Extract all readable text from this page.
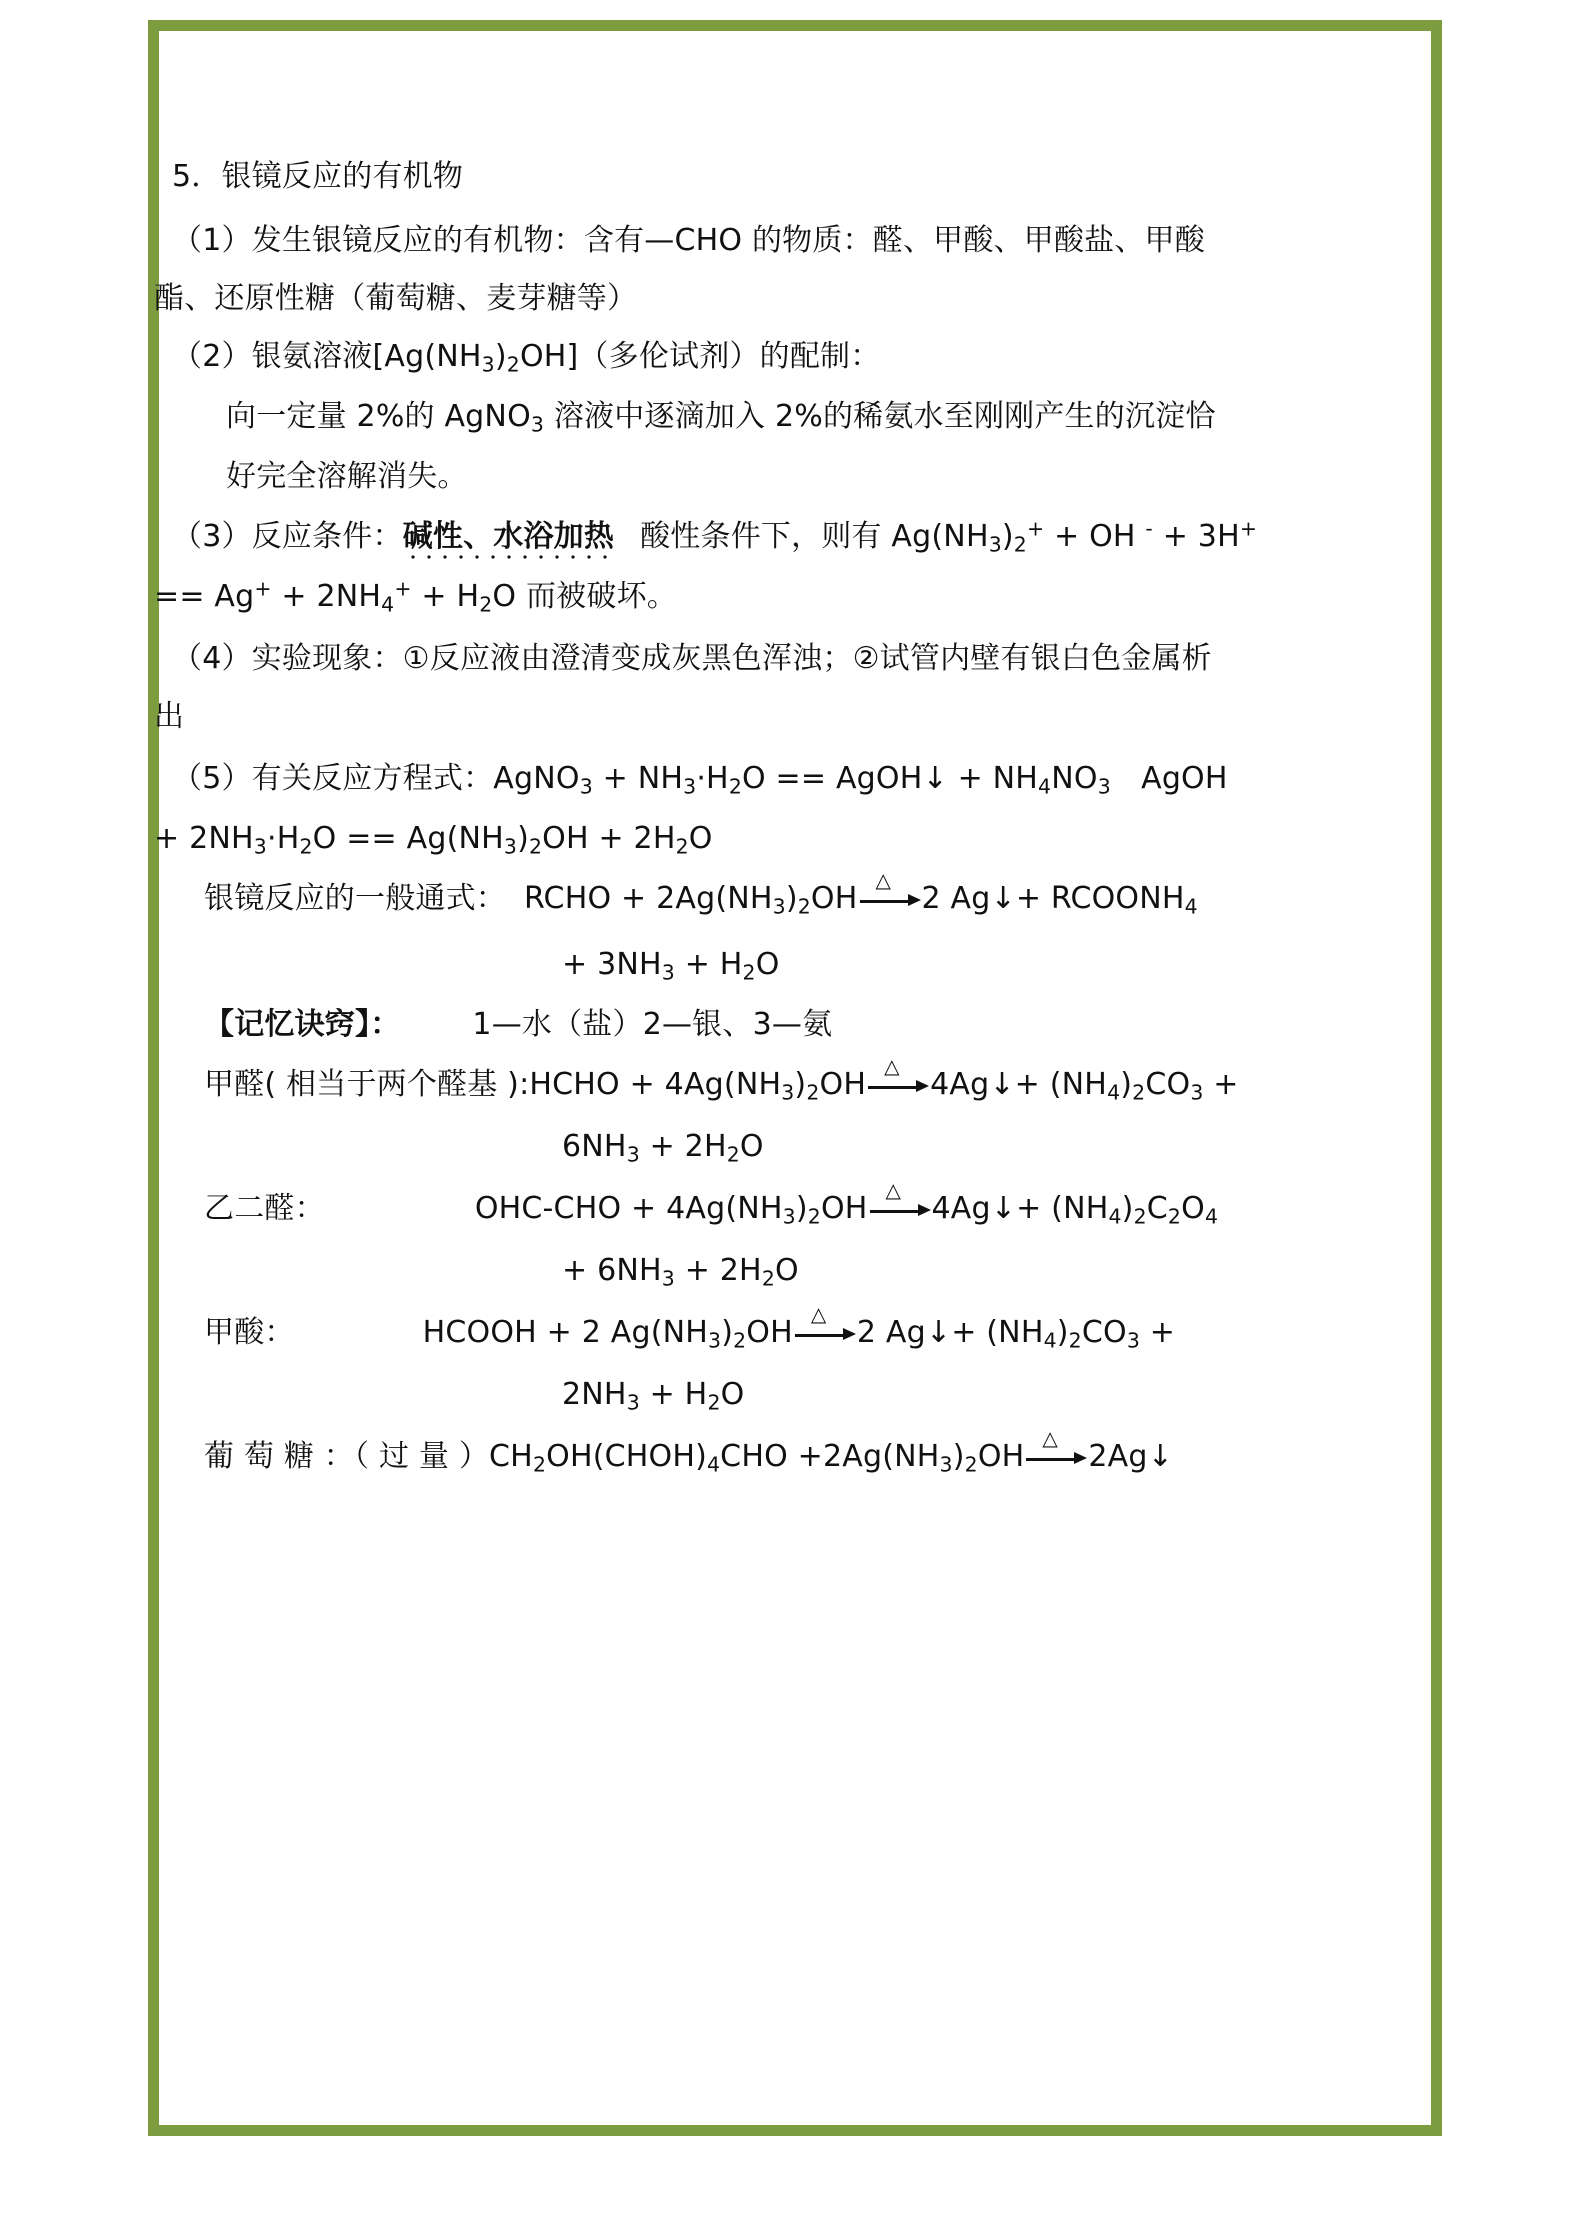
5．银镜反应的有机物
（1）发生银镜反应的有机物：含有—CHO 的物质：醛、甲酸、甲酸盐、甲酸
酯、还原性糖（葡萄糖、麦芽糖等）
（2）银氨溶液$[Ag(NH_3)_2OH]$（多伦试剂）的配制：
向一定量 2%的 AgNO$_3$ 溶液中逐滴加入 2%的稀氨水至刚刚产生的沉淀恰
好完全溶解消失。
（3）反应条件：碱性、水浴加热 酸性条件下，则有 $Ag(NH_3)_2^+$ + OH - + 3H+
== $Ag^+ + 2NH_4^+ + H_2O$ 而被破坏。
（4）实验现象：①反应液由澄清变成灰黑色浑浊；②试管内壁有银白色金属析
出
（5）有关反应方程式：AgNO$_3$ + $NH_3\cdot H_2O$ == AgOH↓ + $NH_4NO_3$　AgOH
+ $2NH_3\cdot H_2O == Ag(NH_3)_2OH + 2H_2O$
银镜反应的一般通式： RCHO + $2Ag(NH_3)_2OH$
△
2 Ag↓+ $RCOONH_4$
+ $3NH_3 + H_2O$
【记忆诀窍】： 1—水（盐）2—银、3—氨
甲醛( 相当于两个醛基 ):HCHO + $4Ag(NH_3)_2OH$
△
4Ag↓+ $(NH_4)_2CO_3$ +
$6NH_3 + 2H_2O$
乙二醛：	$OHC-CHO + 4Ag(NH_3)_2OH$
△
4Ag↓+ $(NH_4)_2C_2O_4$
+ $6NH_3 + 2H_2O$
甲酸：	HCOOH + 2 $Ag(NH_3)_2OH$
△
2 Ag↓+ $(NH_4)_2CO_3$ +
$2NH_3 + H_2O$
葡 萄 糖 ：（ 过 量 ）$CH_2OH(CHOH)_4CHO +2Ag(NH_3)_2OH$
△
2Ag↓
